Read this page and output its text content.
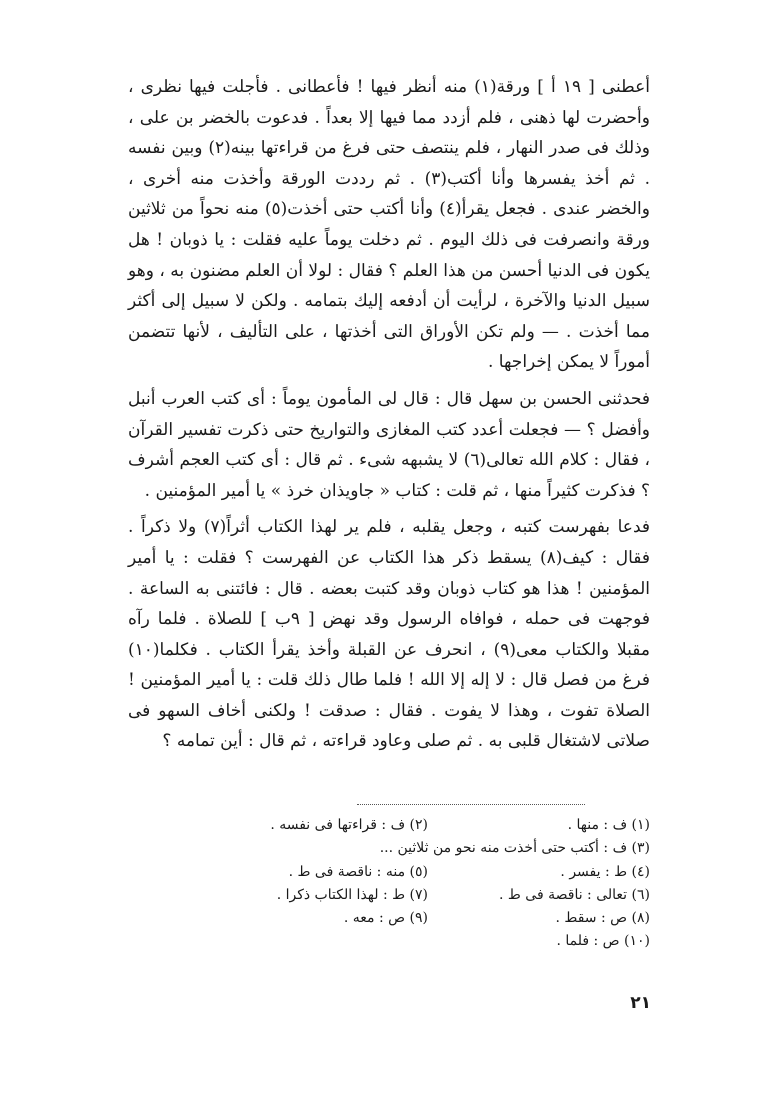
أعطنى [ ١٩ أ ] ورقة(١) منه أنظر فيها ! فأعطانى . فأجلت فيها نظرى ، وأحضرت لها ذهنى ، فلم أزدد مما فيها إلا بعداً . فدعوت بالخضر بن على ، وذلك فى صدر النهار ، فلم ينتصف حتى فرغ من قراءتها بينه(٢) وبين نفسه . ثم أخذ يفسرها وأنا أكتب(٣) . ثم رددت الورقة وأخذت منه أخرى ، والخضر عندى . فجعل يقرأ(٤) وأنا أكتب حتى أخذت(٥) منه نحواً من ثلاثين ورقة وانصرفت فى ذلك اليوم . ثم دخلت يوماً عليه فقلت : يا ذوبان ! هل يكون فى الدنيا أحسن من هذا العلم ؟ فقال : لولا أن العلم مضنون به ، وهو سبيل الدنيا والآخرة ، لرأيت أن أدفعه إليك بتمامه . ولكن لا سبيل إلى أكثر مما أخذت . — ولم تكن الأوراق التى أخذتها ، على التأليف ، لأنها تتضمن أموراً لا يمكن إخراجها .

فحدثنى الحسن بن سهل قال : قال لى المأمون يوماً : أى كتب العرب أنبل وأفضل ؟ — فجعلت أعدد كتب المغازى والتواريخ حتى ذكرت تفسير القرآن ، فقال : كلام الله تعالى(٦) لا يشبهه شىء . ثم قال : أى كتب العجم أشرف ؟ فذكرت كثيراً منها ، ثم قلت : كتاب « جاويذان خرذ » يا أمير المؤمنين .

فدعا بفهرست كتبه ، وجعل يقلبه ، فلم ير لهذا الكتاب أثراً(٧) ولا ذكراً . فقال : كيف(٨) يسقط ذكر هذا الكتاب عن الفهرست ؟ فقلت : يا أمير المؤمنين ! هذا هو كتاب ذوبان وقد كتبت بعضه . قال : فائتنى به الساعة . فوجهت فى حمله ، فوافاه الرسول وقد نهض [ ٩ب ] للصلاة . فلما رآه مقبلا والكتاب معى(٩) ، انحرف عن القبلة وأخذ يقرأ الكتاب . فكلما(١٠) فرغ من فصل قال : لا إله إلا الله ! فلما طال ذلك قلت : يا أمير المؤمنين ! الصلاة تفوت ، وهذا لا يفوت . فقال : صدقت ! ولكنى أخاف السهو فى صلاتى لاشتغال قلبى به . ثم صلى وعاود قراءته ، ثم قال : أين تمامه ؟

(١) ف : منها .
(٢) ف : قراءتها فى نفسه .
(٣) ف : أكتب حتى أخذت منه نحو من ثلاثين ...
(٤) ط : يفسر .
(٥) منه : ناقصة فى ط .
(٦) تعالى : ناقصة فى ط .
(٧) ط : لهذا الكتاب ذكرا .
(٨) ص : سقط .
(٩) ص : معه .
(١٠) ص : فلما .
٢١
